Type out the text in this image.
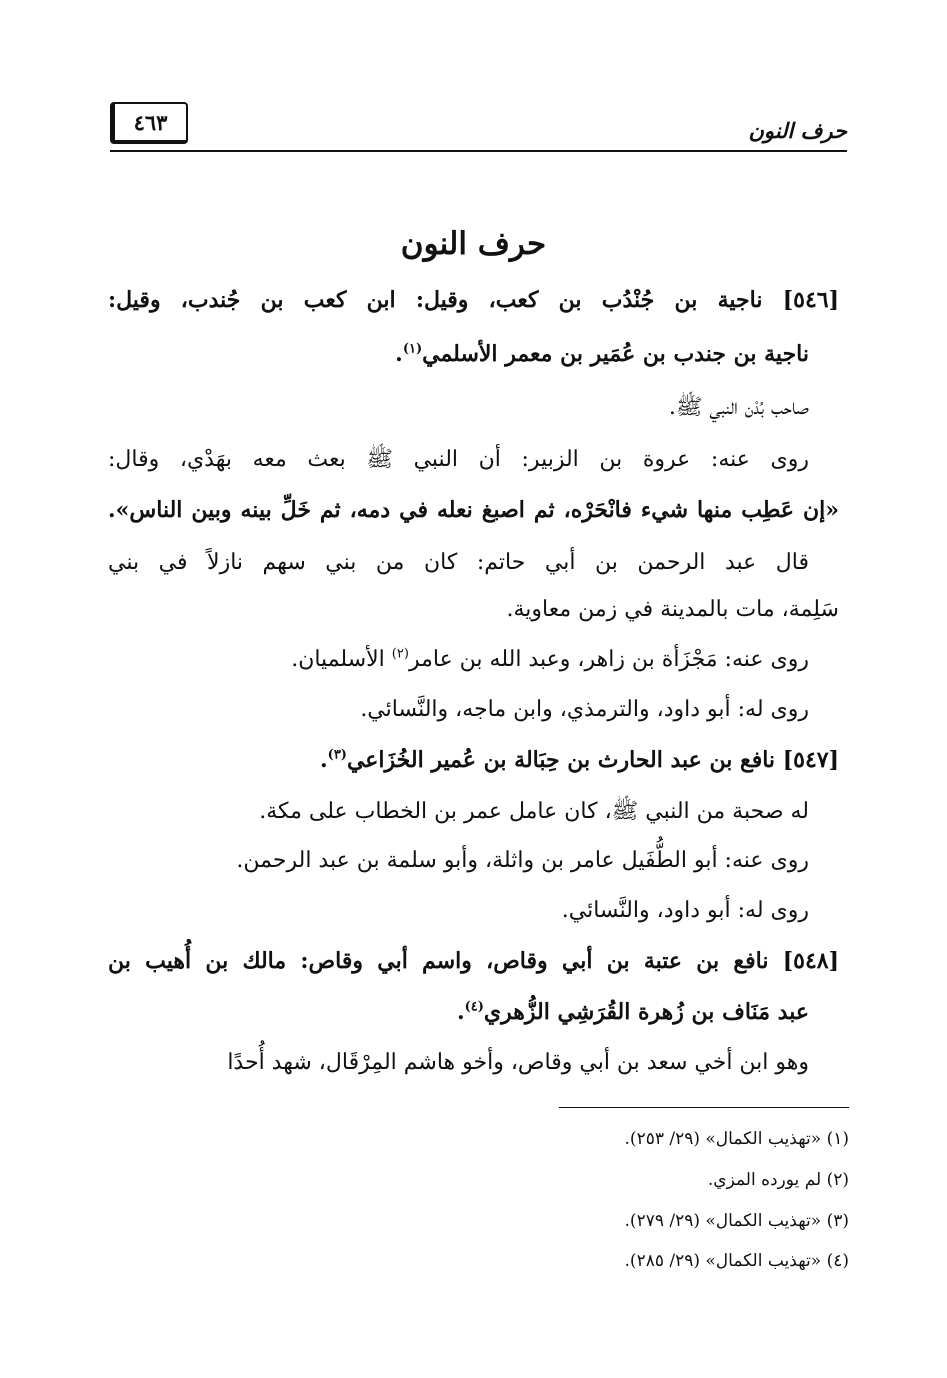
حرف النون
٤٦٣
حرف النون
[٥٤٦] ناجية بن جُنْدُب بن كعب، وقيل: ابن كعب بن جُندب، وقيل:
ناجية بن جندب بن عُمَير بن معمر الأسلمي$^{(١)}$.
صاحب بُدْن النبي ﷺ.
روى عنه: عروة بن الزبير: أن النبي ﷺ بعث معه بهَدْي، وقال:
«إن عَطِب منها شيء فانْحَرْه، ثم اصبغ نعله في دمه، ثم خَلِّ بينه وبين الناس».
قال عبد الرحمن بن أبي حاتم: كان من بني سهم نازلاً في بني
سَلِمة، مات بالمدينة في زمن معاوية.
روى عنه: مَجْزَأة بن زاهر، وعبد الله بن عامر$^{(٢)}$ الأسلميان.
روى له: أبو داود، والترمذي، وابن ماجه، والنَّسائي.
[٥٤٧] نافع بن عبد الحارث بن حِبَالة بن عُمير الخُزَاعي$^{(٣)}$.
له صحبة من النبي ﷺ، كان عامل عمر بن الخطاب على مكة.
روى عنه: أبو الطُّفَيل عامر بن واثلة، وأبو سلمة بن عبد الرحمن.
روى له: أبو داود، والنَّسائي.
[٥٤٨] نافع بن عتبة بن أبي وقاص، واسم أبي وقاص: مالك بن أُهيب بن
عبد مَنَاف بن زُهرة القُرَشِي الزُّهري$^{(٤)}$.
وهو ابن أخي سعد بن أبي وقاص، وأخو هاشم المِرْقَال، شهد أُحدًا
(١) «تهذيب الكمال» (٢٩/ ٢٥٣).
(٢) لم يورده المزي.
(٣) «تهذيب الكمال» (٢٩/ ٢٧٩).
(٤) «تهذيب الكمال» (٢٩/ ٢٨٥).
